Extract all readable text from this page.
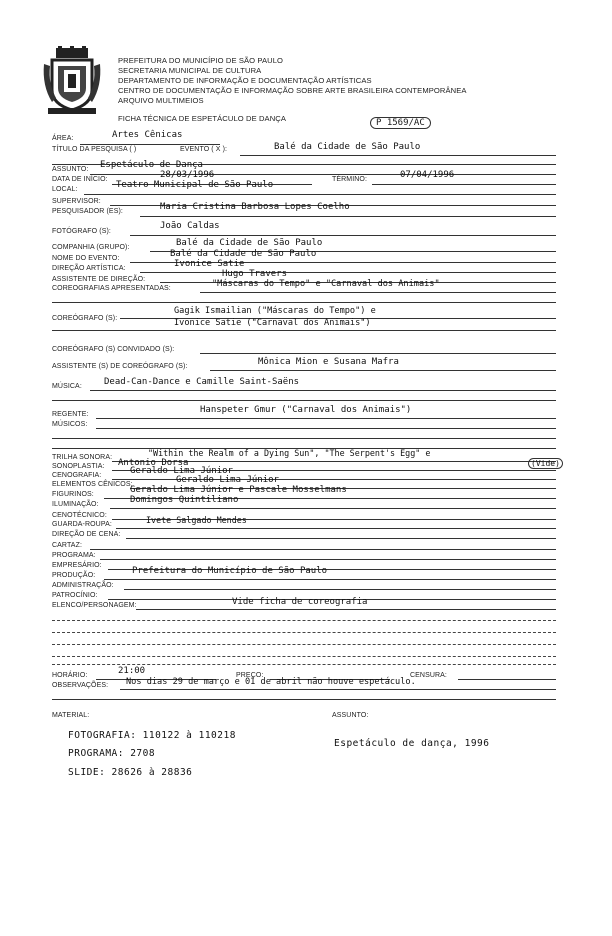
PREFEITURA DO MUNICÍPIO DE SÃO PAULO
SECRETARIA MUNICIPAL DE CULTURA
DEPARTAMENTO DE INFORMAÇÃO E DOCUMENTAÇÃO ARTÍSTICAS
CENTRO DE DOCUMENTAÇÃO E INFORMAÇÃO SOBRE ARTE BRASILEIRA CONTEMPORÂNEA
ARQUIVO MULTIMEIOS
FICHA TÉCNICA DE ESPETÁCULO DE DANÇA	P 1569/AC
ÁREA:	Artes Cênicas
TÍTULO DA PESQUISA ( )	EVENTO ( X ):	Balé da Cidade de São Paulo
ASSUNTO: Espetáculo de Dança
DATA DE INÍCIO:	28/03/1996	TÉRMINO:	07/04/1996
LOCAL:	Teatro Municipal de São Paulo
SUPERVISOR:
PESQUISADOR (ES):	Maria Cristina Barbosa Lopes Coelho
FOTÓGRAFO (S):
João Caldas
COMPANHIA (GRUPO):	Balé da Cidade de São Paulo
NOME DO EVENTO:	Balé da Cidade de São Paulo
DIREÇÃO ARTÍSTICA:	Ivonice Satie
ASSISTENTE DE DIREÇÃO:
Hugo Travers
COREOGRAFIAS APRESENTADAS:	"Máscaras do Tempo" e "Carnaval dos Animais"
COREÓGRAFO (S):
Gagik Ismailian ("Máscaras do Tempo") e
Ivonice Satie ("Carnaval dos Animais")
COREÓGRAFO (S) CONVIDADO (S):
ASSISTENTE (S) DE COREÓGRAFO (S):	Mônica Mion e Susana Mafra
MÚSICA: Dead-Can-Dance e Camille Saint-Saëns
REGENTE:	Hanspeter Gmur ("Carnaval dos Animais")
MÚSICOS:
TRILHA SONORA:	"Within the Realm of a Dying Sun", "The Serpent's Egg" e
SONOPLASTIA: Antonio Dorsa	(Vide)
CENOGRAFIA:	Geraldo Lima Júnior
ELEMENTOS CÊNICOS:	Geraldo Lima Júnior
FIGURINOS:	Geraldo Lima Júnior e Pascale Mosselmans
ILUMINAÇÃO:	Domingos Quintiliano
CENOTÉCNICO:
GUARDA-ROUPA:	Ivete Salgado Mendes
DIREÇÃO DE CENA:
CARTAZ:
PROGRAMA:
EMPRESÁRIO:
PRODUÇÃO:	Prefeitura do Município de São Paulo
ADMINISTRAÇÃO:
PATROCÍNIO:
ELENCO/PERSONAGEM:	Vide ficha de coreografia
HORÁRIO:	21:00	PREÇO:	CENSURA:
OBSERVAÇÕES: Nos dias 29 de março e 01 de abril não houve espetáculo.
MATERIAL:	ASSUNTO:
FOTOGRAFIA: 110122 à 110218
PROGRAMA: 2708
SLIDE: 28626 à 28836
Espetáculo de dança, 1996
